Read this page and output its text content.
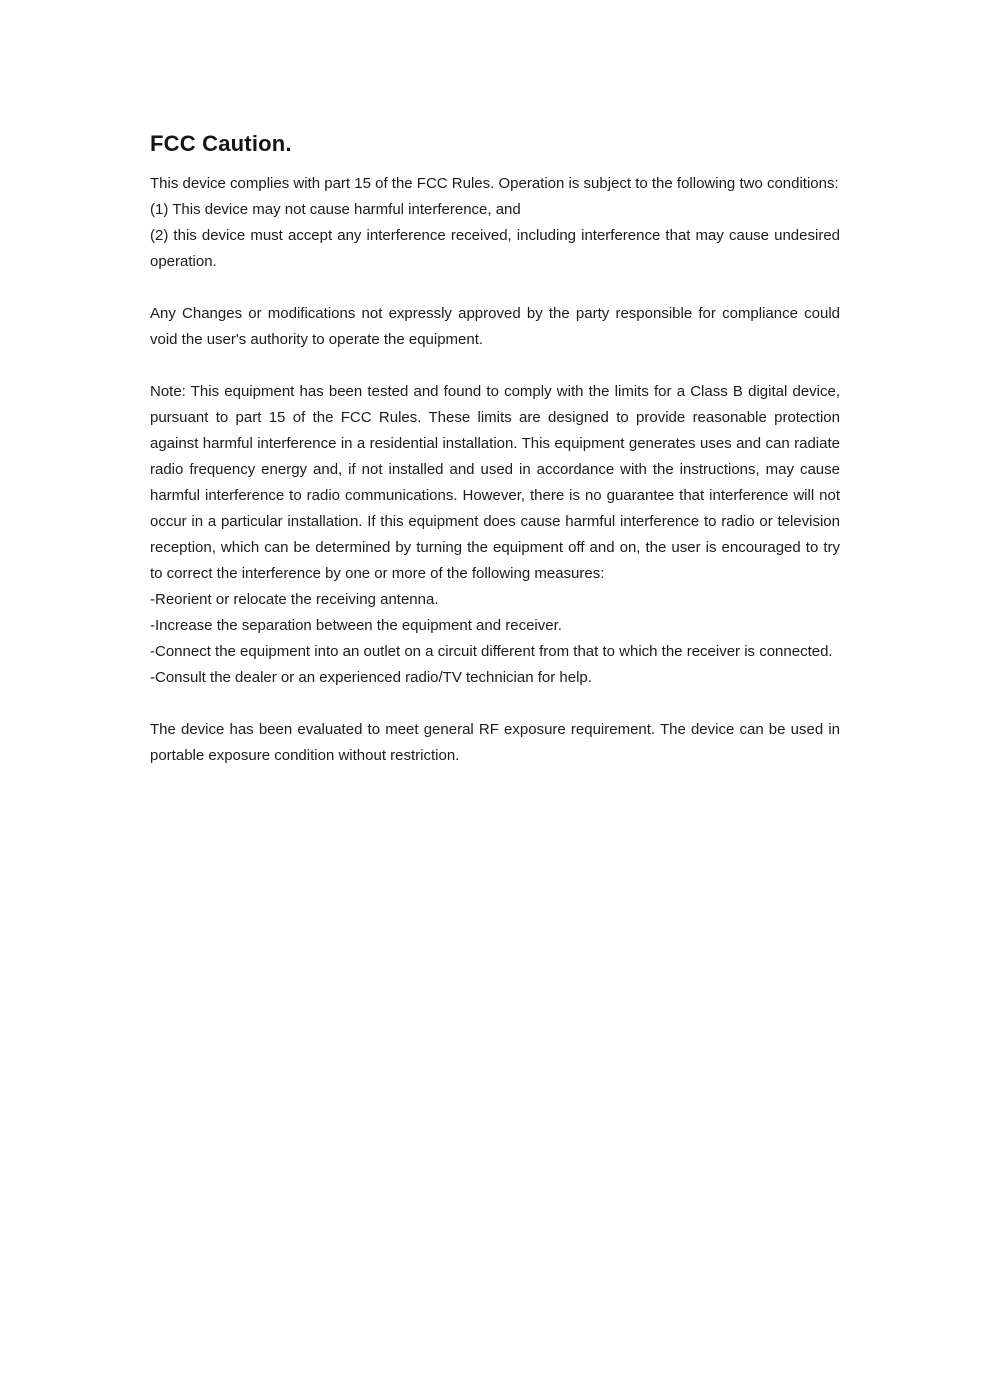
FCC Caution.

This device complies with part 15 of the FCC Rules. Operation is subject to the following two conditions:

(1) This device may not cause harmful interference, and

(2) this device must accept any interference received, including interference that may cause undesired operation.

Any Changes or modifications not expressly approved by the party responsible for compliance could void the user's authority to operate the equipment.

Note: This equipment has been tested and found to comply with the limits for a Class B digital device, pursuant to part 15 of the FCC Rules. These limits are designed to provide reasonable protection against harmful interference in a residential installation. This equipment generates uses and can radiate radio frequency energy and, if not installed and used in accordance with the instructions, may cause harmful interference to radio communications. However, there is no guarantee that interference will not occur in a particular installation. If this equipment does cause harmful interference to radio or television reception, which can be determined by turning the equipment off and on, the user is encouraged to try to correct the interference by one or more of the following measures:

-Reorient or relocate the receiving antenna.

-Increase the separation between the equipment and receiver.

-Connect the equipment into an outlet on a circuit different from that to which the receiver is connected.

-Consult the dealer or an experienced radio/TV technician for help.

The device has been evaluated to meet general RF exposure requirement. The device can be used in portable exposure condition without restriction.
